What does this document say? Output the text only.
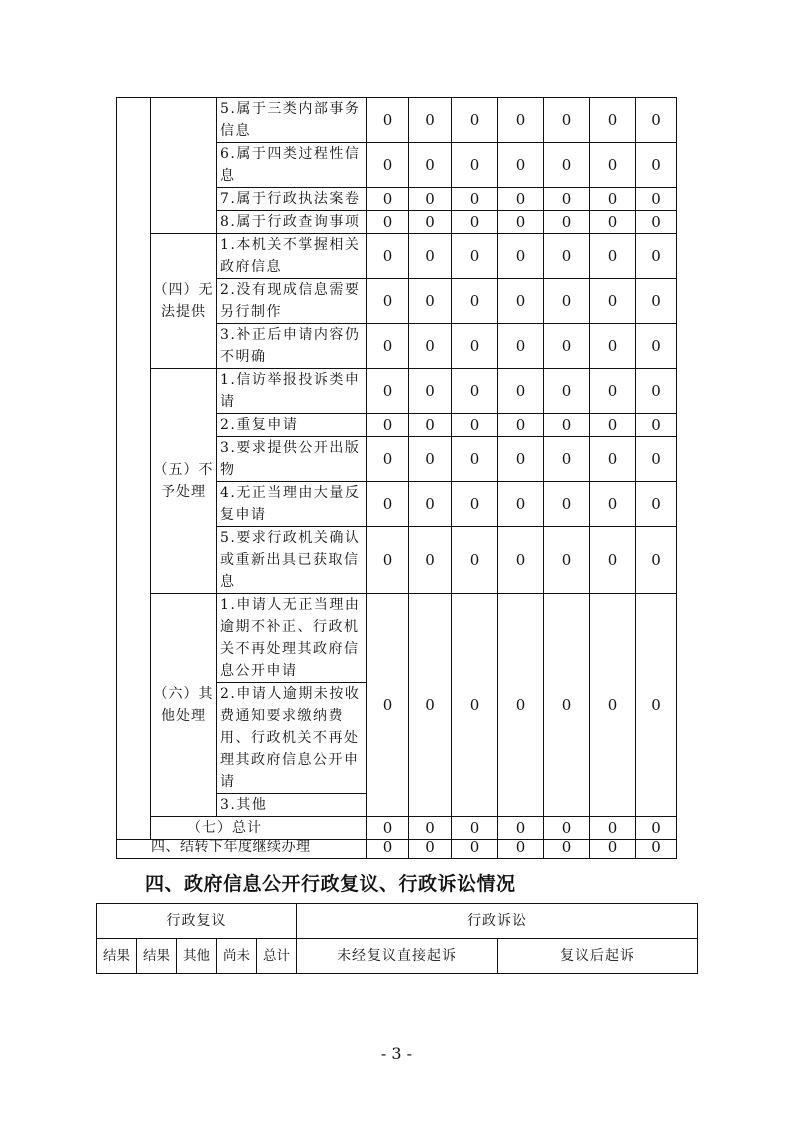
		5.属于三类内部事务信息	0	0	0	0	0	0	0
		6.属于四类过程性信息	0	0	0	0	0	0	0
		7.属于行政执法案卷	0	0	0	0	0	0	0
		8.属于行政查询事项	0	0	0	0	0	0	0
	（四）无法提供	1.本机关不掌握相关政府信息	0	0	0	0	0	0	0
		2.没有现成信息需要另行制作	0	0	0	0	0	0	0
		3.补正后申请内容仍不明确	0	0	0	0	0	0	0
	（五）不予处理	1.信访举报投诉类申请	0	0	0	0	0	0	0
		2.重复申请	0	0	0	0	0	0	0
		3.要求提供公开出版物	0	0	0	0	0	0	0
		4.无正当理由大量反复申请	0	0	0	0	0	0	0
		5.要求行政机关确认或重新出具已获取信息	0	0	0	0	0	0	0
	（六）其他处理	1.申请人无正当理由逾期不补正、行政机关不再处理其政府信息公开申请	0	0	0	0	0	0	0
		2.申请人逾期未按收费通知要求缴纳费用、行政机关不再处理其政府信息公开申请							
		3.其他							
	（七）总计		0	0	0	0	0	0	0
四、结转下年度继续办理	0	0	0	0	0	0	0
四、政府信息公开行政复议、行政诉讼情况
行政复议					行政诉讼	
结果	结果	其他	尚未	总计	未经复议直接起诉	复议后起诉
- 3 -
